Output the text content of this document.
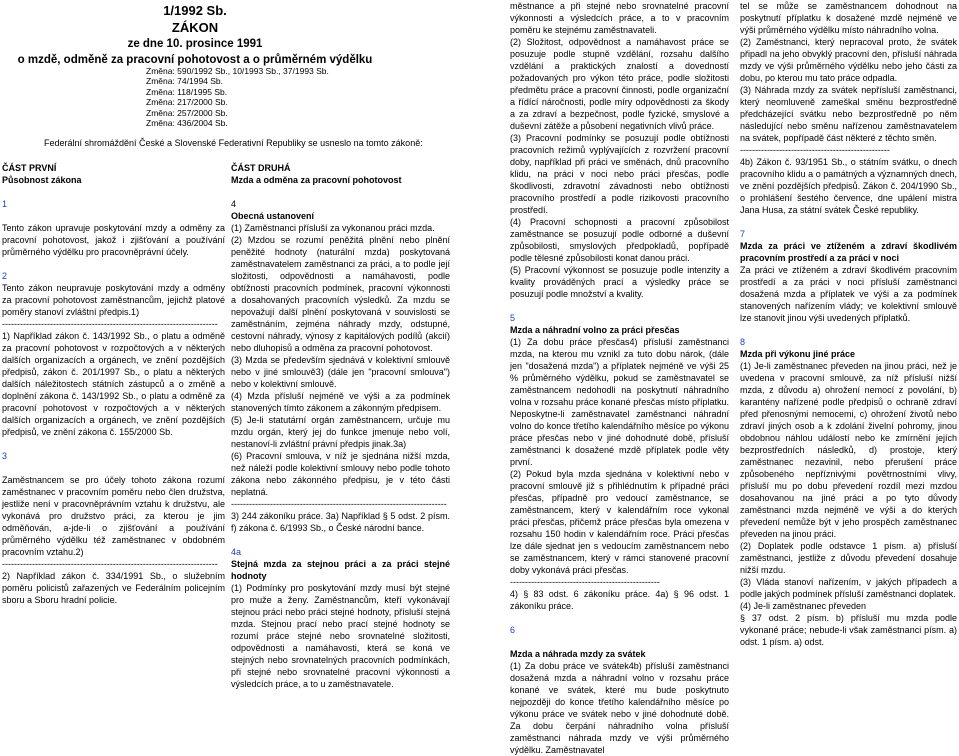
1/1992 Sb.
ZÁKON
ze dne 10. prosince 1991
o mzdě, odměně za pracovní pohotovost a o průměrném výdělku
Změna: 590/1992 Sb., 10/1993 Sb., 37/1993 Sb.
Změna: 74/1994 Sb.
Změna: 118/1995 Sb.
Změna: 217/2000 Sb.
Změna: 257/2000 Sb.
Změna: 436/2004 Sb.
Federální shromáždění České a Slovenské Federativní Republiky se usneslo na tomto zákoně:

ČÁST PRVNÍ

Působnost zákona

1

Tento zákon upravuje poskytování mzdy a odměny za pracovní pohotovost, jakož i zjišťování a používání průměrného výdělku pro pracovněprávní účely.

2

Tento zákon neupravuje poskytování mzdy a odměny za pracovní pohotovost zaměstnancům, jejichž platové poměry stanoví zvláštní předpis.1)

------------------------------------------------------------------------

1) Například zákon č. 143/1992 Sb., o platu a odměně za pracovní pohotovost v rozpočtových a v některých dalších organizacích a orgánech, ve znění pozdějších předpisů, zákon č. 201/1997 Sb., o platu a některých dalších náležitostech státních zástupců a o změně a doplnění zákona č. 143/1992 Sb., o platu a odměně za pracovní pohotovost v rozpočtových a v některých dalších organizacích a orgánech, ve znění pozdějších předpisů, ve znění zákona č. 155/2000 Sb.

3

Zaměstnancem se pro účely tohoto zákona rozumí zaměstnanec v pracovním poměru nebo člen družstva, jestliže není v pracovněprávním vztahu k družstvu, ale vykonává pro družstvo práci, za kterou je jim odměňován, a-jde-li o zjišťování a používání průměrného výdělku též zaměstnanec v obdobném pracovním vztahu.2)

------------------------------------------------------------------------

2) Například zákon č. 334/1991 Sb., o služebním poměru policistů zařazených ve Federálním policejním sboru a Sboru hradní policie.

ČÁST DRUHÁ

Mzda a odměna za pracovní pohotovost

4

Obecná ustanovení

(1) Zaměstnanci přísluší za vykonanou práci mzda.

(2) Mzdou se rozumí peněžitá plnění nebo plnění peněžité hodnoty (naturální mzda) poskytovaná zaměstnavatelem zaměstnanci za práci, a to podle její složitosti, odpovědnosti a namáhavosti, podle obtížnosti pracovních podmínek, pracovní výkonnosti a dosahovaných pracovních výsledků. Za mzdu se nepovažují další plnění poskytovaná v souvislosti se zaměstnáním, zejména náhrady mzdy, odstupné, cestovní náhrady, výnosy z kapitálových podílů (akcií) nebo dluhopisů a odměna za pracovní pohotovost.

(3) Mzda se především sjednává v kolektivní smlouvě nebo v jiné smlouvě3) (dále jen "pracovní smlouva") nebo v kolektivní smlouvě.

(4) Mzda přísluší nejméně ve výši a za podmínek stanovených tímto zákonem a zákonným předpisem.

(5) Je-li statutární orgán zaměstnancem, určuje mu mzdu orgán, který jej do funkce jmenuje nebo volí, nestanoví-li zvláštní právní předpis jinak.3a)

(6) Pracovní smlouva, v níž je sjednána nižší mzda, než náleží podle kolektivní smlouvy nebo podle tohoto zákona nebo zákonného předpisu, je v této části neplatná.

------------------------------------------------------------------------

3) 244 zákoníku práce. 3a) Například § 5 odst. 2 písm. f) zákona č. 6/1993 Sb., o České národní bance.

4a

Stejná mzda za stejnou práci a za práci stejné hodnoty

(1) Podmínky pro poskytování mzdy musí být stejné pro muže a ženy. Zaměstnancům, kteří vykonávají stejnou práci nebo práci stejné hodnoty, přísluší stejná mzda. Stejnou prací nebo prací stejné hodnoty se rozumí práce stejné nebo srovnatelné složitosti, odpovědnosti a namáhavosti, která se koná ve stejných nebo srovnatelných pracovních podmínkách, při stejné nebo srovnatelné pracovní výkonnosti a výsledcích práce, a to u zaměstnavatele.

městnance a při stejné nebo srovnatelné pracovní výkonnosti a výsledcích práce, a to v pracovním poměru ke stejnému zaměstnavateli.

(2) Složitost, odpovědnost a namáhavost práce se posuzuje podle stupně vzdělání, rozsahu dalšího vzdělání a praktických znalostí a dovedností požadovaných pro výkon této práce, podle složitosti předmětu práce a pracovní činnosti, podle organizační a řídící náročnosti, podle míry odpovědnosti za škody a za zdraví a bezpečnost, podle fyzické, smyslové a duševní zátěže a působení negativních vlivů práce.

(3) Pracovní podmínky se posuzují podle obtížnosti pracovních režimů vyplývajících z rozvržení pracovní doby, například při práci ve směnách, dnů pracovního klidu, na práci v noci nebo práci přesčas, podle škodlivosti, zdravotní závadnosti nebo obtížnosti pracovního prostředí a podle rizikovosti pracovního prostředí.

(4) Pracovní schopnosti a pracovní způsobilost zaměstnance se posuzují podle odborné a duševní způsobilosti, smyslových předpokladů, popřípadě podle tělesné způsobilosti konat danou práci.

(5) Pracovní výkonnost se posuzuje podle intenzity a kvality prováděných prací a výsledky práce se posuzují podle množství a kvality.

5

Mzda a náhradní volno za práci přesčas

(1) Za dobu práce přesčas4) přísluší zaměstnanci mzda, na kterou mu vznikl za tuto dobu nárok, (dále jen "dosažená mzda") a příplatek nejméně ve výši 25 % průměrného výdělku, pokud se zaměstnavatel se zaměstnancem nedohodli na poskytnutí náhradního volna v rozsahu práce konané přesčas místo příplatku. Neposkytne-li zaměstnavatel zaměstnanci náhradní volno do konce třetího kalendářního měsíce po výkonu práce přesčas nebo v jiné dohodnuté době, přísluší zaměstnanci k dosažené mzdě příplatek podle věty první.

(2) Pokud byla mzda sjednána v kolektivní nebo v pracovní smlouvě již s přihlédnutím k případné práci přesčas, případně pro vedoucí zaměstnance, se zaměstnancem, který v kalendářním roce vykonal práci přesčas, přičemž práce přesčas byla omezena v rozsahu 150 hodin v kalendářním roce. Práci přesčas lze dále sjednat jen s vedoucím zaměstnancem nebo se zaměstnancem, který v rámci stanovené pracovní doby vykonává práci přesčas.

--------------------------------------------------

4) § 83 odst. 6 zákoníku práce. 4a) § 96 odst. 1 zákoníku práce.

6

Mzda a náhrada mzdy za svátek

(1) Za dobu práce ve svátek4b) přísluší zaměstnanci dosažená mzda a náhradní volno v rozsahu práce konané ve svátek, které mu bude poskytnuto nejpozději do konce třetího kalendářního měsíce po výkonu práce ve svátek nebo v jiné dohodnuté době. Za dobu čerpání náhradního volna přísluší zaměstnanci náhrada mzdy ve výši průměrného výdělku. Zaměstnavatel

tel se může se zaměstnancem dohodnout na poskytnutí příplatku k dosažené mzdě nejméně ve výši průměrného výdělku místo náhradního volna.

(2) Zaměstnanci, který nepracoval proto, že svátek připadl na jeho obvyklý pracovní den, přísluší náhrada mzdy ve výši průměrného výdělku nebo jeho části za dobu, po kterou mu tato práce odpadla.

(3) Náhrada mzdy za svátek nepřísluší zaměstnanci, který neomluveně zameškal směnu bezprostředně předcházející svátku nebo bezprostředně po něm následující nebo směnu nařízenou zaměstnavatelem na svátek, popřípadě část některé z těchto směn.

--------------------------------------------------

4b) Zákon č. 93/1951 Sb., o státním svátku, o dnech pracovního klidu a o památných a významných dnech, ve znění pozdějších předpisů. Zákon č. 204/1990 Sb., o prohlášení šestého července, dne upálení mistra Jana Husa, za státní svátek České republiky.

7

Mzda za práci ve ztíženém a zdraví škodlivém pracovním prostředí a za práci v noci

Za práci ve ztíženém a zdraví škodlivém pracovním prostředí a za práci v noci přísluší zaměstnanci dosažená mzda a příplatek ve výši a za podmínek stanovených nařízením vlády; ve kolektivní smlouvě lze stanovit jinou výši uvedených příplatků.

8

Mzda při výkonu jiné práce

(1) Je-li zaměstnanec převeden na jinou práci, než je uvedena v pracovní smlouvě, za níž přísluší nižší mzda, z důvodu a) ohrožení nemocí z povolání, b) karantény nařízené podle předpisů o ochraně zdraví před přenosnými nemocemi, c) ohrožení životů nebo zdraví jiných osob a k zdolání živelní pohromy, jinou obdobnou náhlou událostí nebo ke zmírnění jejích bezprostředních následků, d) prostoje, který zaměstnanec nezavinil, nebo přerušení práce způsobeného nepříznivými povětrnostními vlivy, přísluší mu po dobu převedení rozdíl mezi mzdou dosahovanou na jiné práci a po tyto důvody zaměstnanci mzda nejméně ve výši a do kterých převedení nemůže být v jeho prospěch zaměstnanec převeden na jinou práci.

(2) Doplatek podle odstavce 1 písm. a) přísluší zaměstnanci, jestliže z důvodu převedení dosahuje nižší mzdu.

(3) Vláda stanoví nařízením, v jakých případech a podle jakých podmínek přísluší zaměstnanci doplatek.

(4) Je-li zaměstnanec převeden

§ 37 odst. 2 písm. b) přísluší mu mzda podle vykonané práce; nebude-li však zaměstnanci písm. a) odst. 1 písm. a) odst.
